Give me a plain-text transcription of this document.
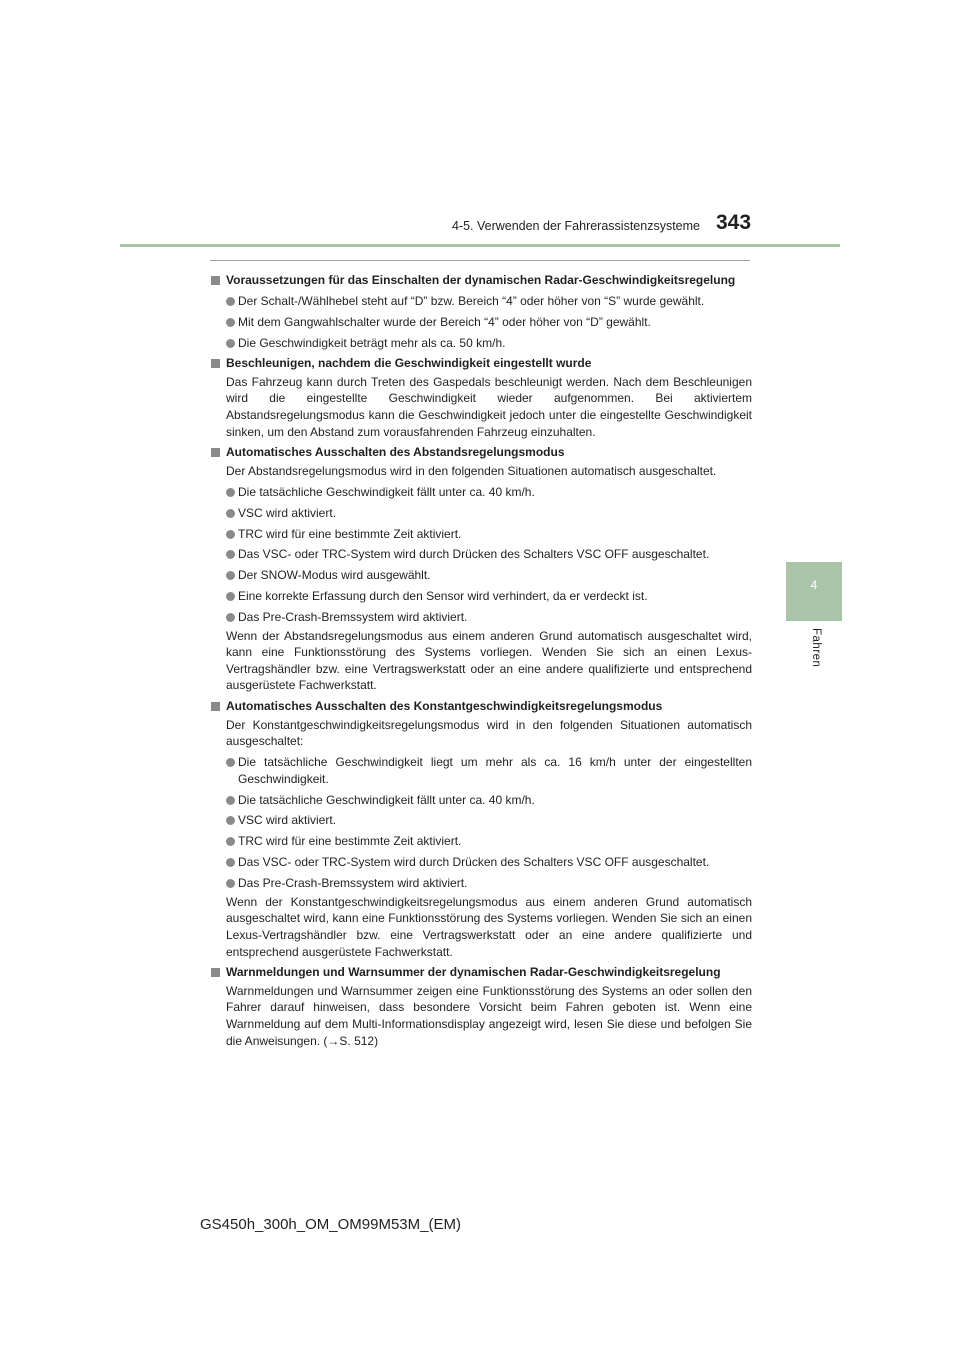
4-5. Verwenden der Fahrerassistenzsysteme 343
4
Fahren
Voraussetzungen für das Einschalten der dynamischen Radar-Geschwindigkeitsregelung
Der Schalt-/Wählhebel steht auf “D” bzw. Bereich “4” oder höher von “S” wurde gewählt.
Mit dem Gangwahlschalter wurde der Bereich “4” oder höher von “D” gewählt.
Die Geschwindigkeit beträgt mehr als ca. 50 km/h.
Beschleunigen, nachdem die Geschwindigkeit eingestellt wurde
Das Fahrzeug kann durch Treten des Gaspedals beschleunigt werden. Nach dem Beschleunigen wird die eingestellte Geschwindigkeit wieder aufgenommen. Bei aktiviertem Abstandsregelungsmodus kann die Geschwindigkeit jedoch unter die eingestellte Geschwindigkeit sinken, um den Abstand zum vorausfahrenden Fahrzeug einzuhalten.
Automatisches Ausschalten des Abstandsregelungsmodus
Der Abstandsregelungsmodus wird in den folgenden Situationen automatisch ausgeschaltet.
Die tatsächliche Geschwindigkeit fällt unter ca. 40 km/h.
VSC wird aktiviert.
TRC wird für eine bestimmte Zeit aktiviert.
Das VSC- oder TRC-System wird durch Drücken des Schalters VSC OFF ausgeschaltet.
Der SNOW-Modus wird ausgewählt.
Eine korrekte Erfassung durch den Sensor wird verhindert, da er verdeckt ist.
Das Pre-Crash-Bremssystem wird aktiviert.
Wenn der Abstandsregelungsmodus aus einem anderen Grund automatisch ausgeschaltet wird, kann eine Funktionsstörung des Systems vorliegen. Wenden Sie sich an einen Lexus-Vertragshändler bzw. eine Vertragswerkstatt oder an eine andere qualifizierte und entsprechend ausgerüstete Fachwerkstatt.
Automatisches Ausschalten des Konstantgeschwindigkeitsregelungsmodus
Der Konstantgeschwindigkeitsregelungsmodus wird in den folgenden Situationen automatisch ausgeschaltet:
Die tatsächliche Geschwindigkeit liegt um mehr als ca. 16 km/h unter der eingestellten Geschwindigkeit.
Die tatsächliche Geschwindigkeit fällt unter ca. 40 km/h.
VSC wird aktiviert.
TRC wird für eine bestimmte Zeit aktiviert.
Das VSC- oder TRC-System wird durch Drücken des Schalters VSC OFF ausgeschaltet.
Das Pre-Crash-Bremssystem wird aktiviert.
Wenn der Konstantgeschwindigkeitsregelungsmodus aus einem anderen Grund automatisch ausgeschaltet wird, kann eine Funktionsstörung des Systems vorliegen. Wenden Sie sich an einen Lexus-Vertragshändler bzw. eine Vertragswerkstatt oder an eine andere qualifizierte und entsprechend ausgerüstete Fachwerkstatt.
Warnmeldungen und Warnsummer der dynamischen Radar-Geschwindigkeitsregelung
Warnmeldungen und Warnsummer zeigen eine Funktionsstörung des Systems an oder sollen den Fahrer darauf hinweisen, dass besondere Vorsicht beim Fahren geboten ist. Wenn eine Warnmeldung auf dem Multi-Informationsdisplay angezeigt wird, lesen Sie diese und befolgen Sie die Anweisungen. (→S. 512)
GS450h_300h_OM_OM99M53M_(EM)
